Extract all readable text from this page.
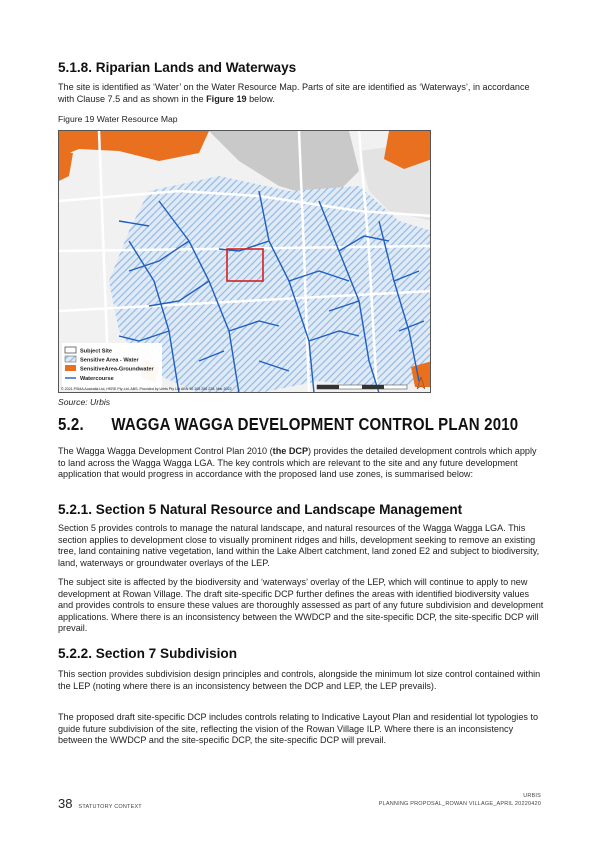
5.1.8. Riparian Lands and Waterways

The site is identified as ‘Water’ on the Water Resource Map. Parts of site are identified as ‘Waterways’, in accordance with Clause 7.5 and as shown in the Figure 19 below.

Figure 19 Water Resource Map

Subject Site
Sensitive Area - Water
SensitiveArea-Groundwater
Watercourse
© 2021 PSMA Australia Ltd, HERE Pty Ltd. ABS. Provided by Urbis Pty Ltd ABN 50 105 256 228, Mar 2022

Source: Urbis

5.2. WAGGA WAGGA DEVELOPMENT CONTROL PLAN 2010

The Wagga Wagga Development Control Plan 2010 (the DCP) provides the detailed development controls which apply to land across the Wagga Wagga LGA. The key controls which are relevant to the site and any future development application that would progress in accordance with the proposed land use zones, is summarised below:

5.2.1. Section 5 Natural Resource and Landscape Management

Section 5 provides controls to manage the natural landscape, and natural resources of the Wagga Wagga LGA. This section applies to development close to visually prominent ridges and hills, development seeking to remove an existing tree, land containing native vegetation, land within the Lake Albert catchment, land zoned E2 and subject to biodiversity, land, waterways or groundwater overlays of the LEP.

The subject site is affected by the biodiversity and ‘waterways’ overlay of the LEP, which will continue to apply to new development at Rowan Village. The draft site-specific DCP further defines the areas with identified biodiversity values and provides controls to ensure these values are thoroughly assessed as part of any future subdivision and development applications. Where there is an inconsistency between the WWDCP and the site-specific DCP, the site-specific DCP will prevail.

5.2.2. Section 7 Subdivision

This section provides subdivision design principles and controls, alongside the minimum lot size control contained within the LEP (noting where there is an inconsistency between the DCP and LEP, the LEP prevails).

The proposed draft site-specific DCP includes controls relating to Indicative Layout Plan and residential lot typologies to guide future subdivision of the site, reflecting the vision of the Rowan Village ILP. Where there is an inconsistency between the WWDCP and the site-specific DCP, the site-specific DCP will prevail.

38 STATUTORY CONTEXT
URBIS
PLANNING PROPOSAL_ROWAN VILLAGE_APRIL 20220420
